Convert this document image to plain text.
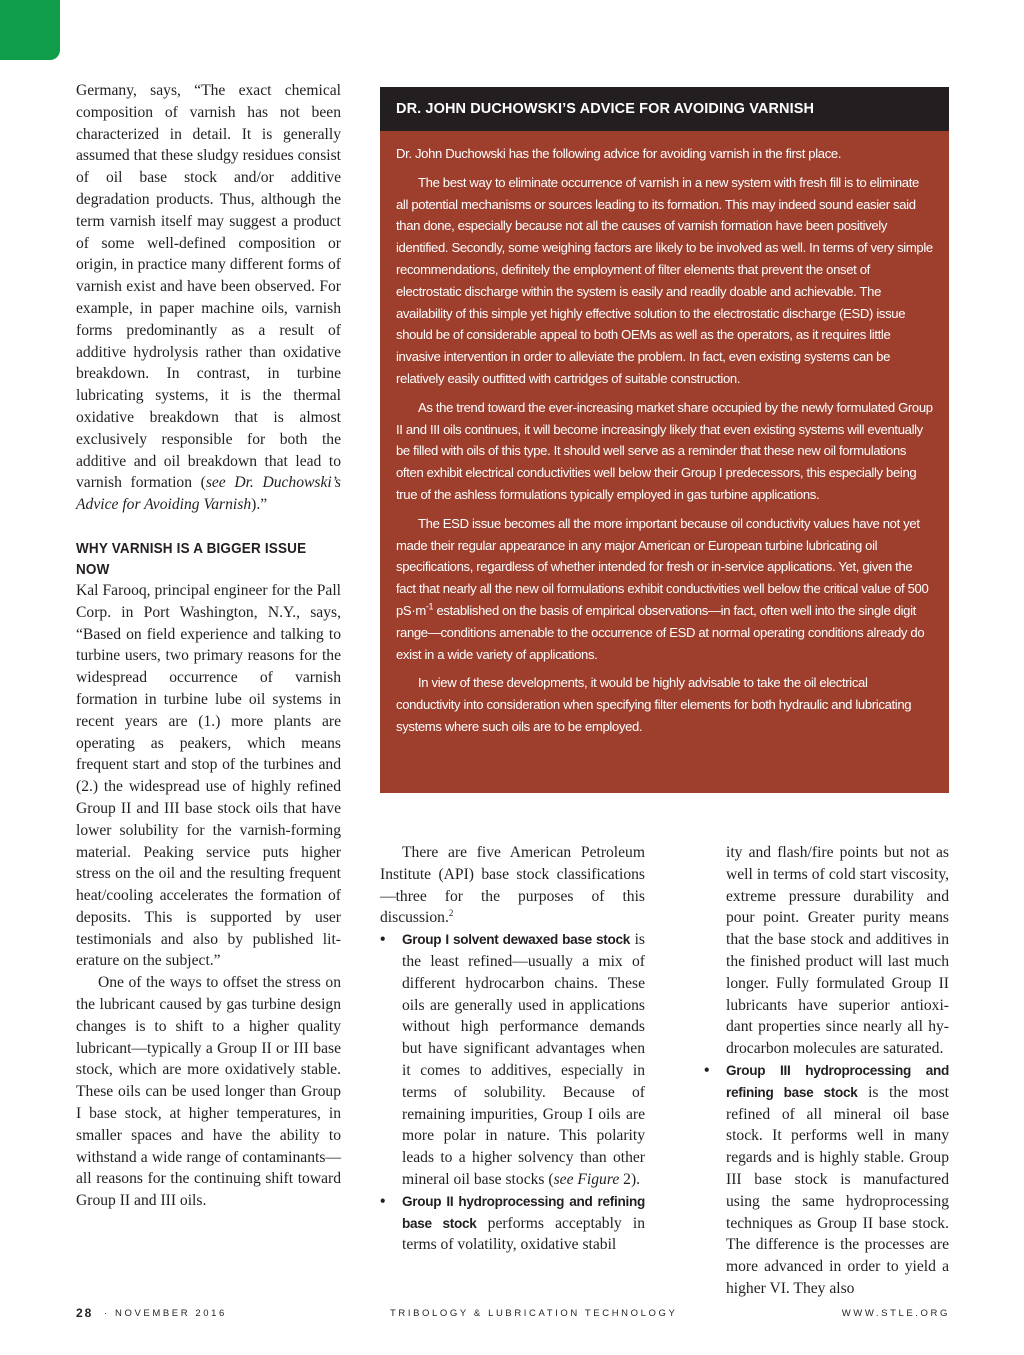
Germany, says, “The exact chemical composition of varnish has not been characterized in detail. It is generally assumed that these sludgy residues consist of oil base stock and/or additive degradation products. Thus, although the term varnish itself may suggest a product of some well-defined composition or origin, in practice many different forms of varnish exist and have been observed. For example, in paper machine oils, varnish forms predominantly as a result of additive hydrolysis rather than oxidative breakdown. In contrast, in turbine lubricating systems, it is the thermal oxidative breakdown that is almost exclusively responsible for both the additive and oil breakdown that lead to varnish formation (see Dr. Duchowski’s Advice for Avoiding Varnish).”

WHY VARNISH IS A BIGGER ISSUE NOW

Kal Farooq, principal engineer for the Pall Corp. in Port Washington, N.Y., says, “Based on field experience and talking to turbine users, two primary reasons for the widespread occurrence of varnish formation in turbine lube oil systems in recent years are (1.) more plants are operating as peakers, which means frequent start and stop of the turbines and (2.) the widespread use of highly refined Group II and III base stock oils that have lower solubility for the varnish-forming material. Peaking service puts higher stress on the oil and the resulting frequent heat/cooling accelerates the formation of deposits. This is supported by user testimonials and also by published literature on the subject.”

One of the ways to offset the stress on the lubricant caused by gas turbine design changes is to shift to a higher quality lubricant—typically a Group II or III base stock, which are more oxidatively stable. These oils can be used longer than Group I base stock, at higher temperatures, in smaller spaces and have the ability to withstand a wide range of contaminants—all reasons for the continuing shift toward Group II and III oils.

DR. JOHN DUCHOWSKI’S ADVICE FOR AVOIDING VARNISH

Dr. John Duchowski has the following advice for avoiding varnish in the first place.

The best way to eliminate occurrence of varnish in a new system with fresh fill is to eliminate all potential mechanisms or sources leading to its formation. This may indeed sound easier said than done, especially because not all the causes of varnish formation have been positively identified. Secondly, some weighing factors are likely to be involved as well. In terms of very simple recommendations, definitely the employment of filter elements that prevent the onset of electrostatic discharge within the system is easily and readily doable and achievable. The availability of this simple yet highly effective solution to the electrostatic discharge (ESD) issue should be of considerable appeal to both OEMs as well as the operators, as it requires little invasive intervention in order to alleviate the problem. In fact, even existing systems can be relatively easily outfitted with cartridges of suitable construction.

As the trend toward the ever-increasing market share occupied by the newly formulated Group II and III oils continues, it will become increasingly likely that even existing systems will eventually be filled with oils of this type. It should well serve as a reminder that these new oil formulations often exhibit electrical conductivities well below their Group I predecessors, this especially being true of the ashless formulations typically employed in gas turbine applications.

The ESD issue becomes all the more important because oil conductivity values have not yet made their regular appearance in any major American or European turbine lubricating oil specifications, regardless of whether intended for fresh or in-service applications. Yet, given the fact that nearly all the new oil formulations exhibit conductivities well below the critical value of 500 $pS\cdot m^{-1}$ established on the basis of empirical observations—in fact, often well into the single digit range—conditions amenable to the occurrence of ESD at normal operating conditions already do exist in a wide variety of applications.

In view of these developments, it would be highly advisable to take the oil electrical conductivity into consideration when specifying filter elements for both hydraulic and lubricating systems where such oils are to be employed.

There are five American Petroleum Institute (API) base stock classifications—three for the purposes of this discussion.$^2$

• Group I solvent dewaxed base stock is the least refined—usually a mix of different hydrocarbon chains. These oils are generally used in applications without high performance demands but have significant advantages when it comes to additives, especially in terms of solubility. Because of remaining impurities, Group I oils are more polar in nature. This polarity leads to a higher solvency than other mineral oil base stocks (see Figure 2).
• Group II hydroprocessing and refining base stock performs acceptably in terms of volatility, oxidative stabil

ity and flash/fire points but not as well in terms of cold start viscosity, extreme pressure durability and pour point. Greater purity means that the base stock and additives in the finished product will last much longer. Fully formulated Group II lubricants have superior antioxidant properties since nearly all hydrocarbon molecules are saturated.

• Group III hydroprocessing and refining base stock is the most refined of all mineral oil base stock. It performs well in many regards and is highly stable. Group III base stock is manufactured using the same hydroprocessing techniques as Group II base stock. The difference is the processes are more advanced in order to yield a higher VI. They also
28 · NOVEMBER 2016	TRIBOLOGY & LUBRICATION TECHNOLOGY	WWW.STLE.ORG
